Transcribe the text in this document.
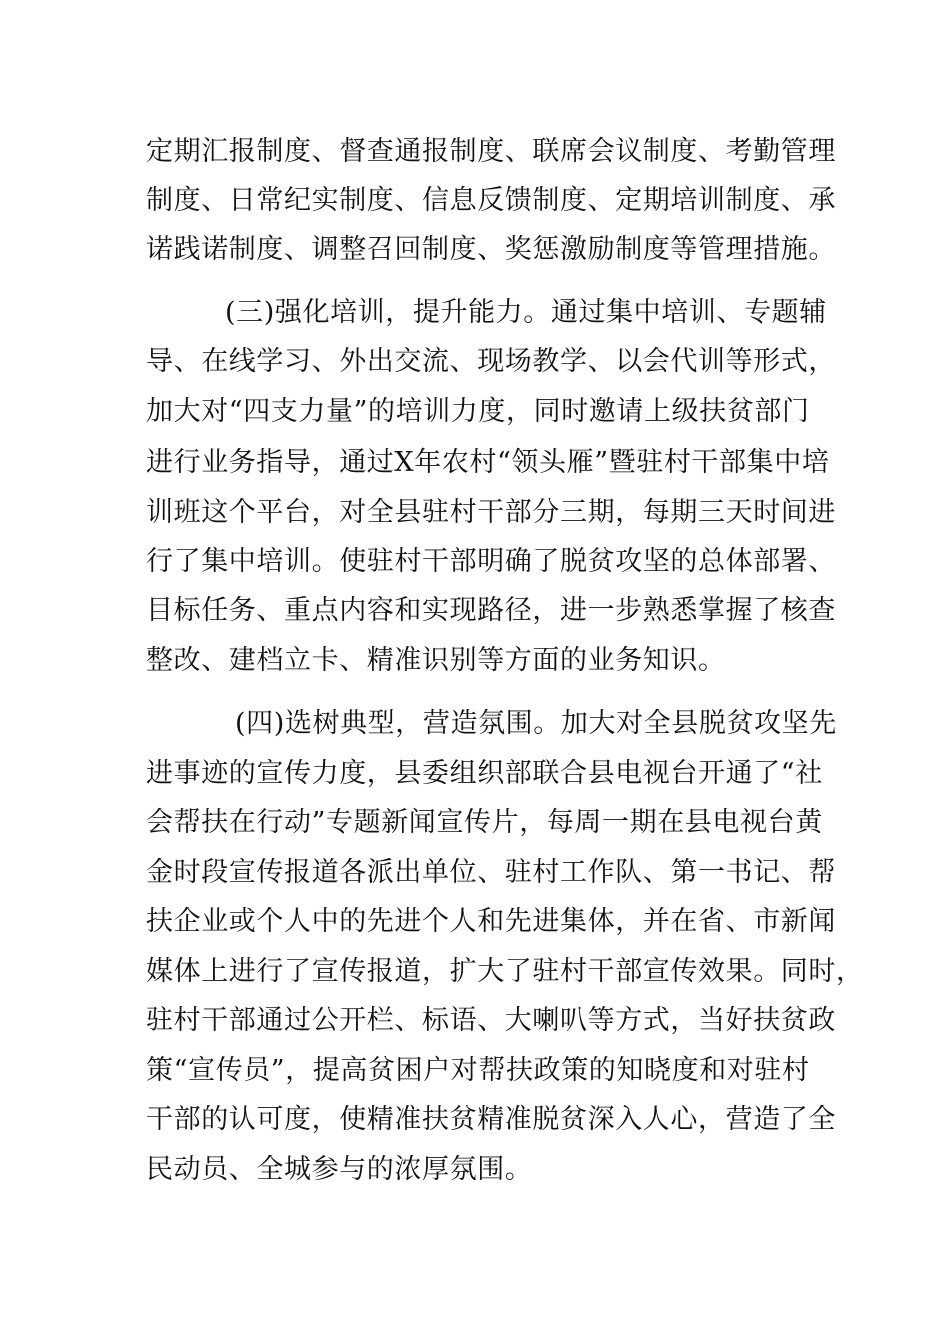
定期汇报制度、督查通报制度、联席会议制度、考勤管理
制度、日常纪实制度、信息反馈制度、定期培训制度、承
诺践诺制度、调整召回制度、奖惩激励制度等管理措施。
(三)强化培训，提升能力。通过集中培训、专题辅
导、在线学习、外出交流、现场教学、以会代训等形式，
加大对“四支力量”的培训力度，同时邀请上级扶贫部门
进行业务指导，通过X年农村“领头雁”暨驻村干部集中培
训班这个平台，对全县驻村干部分三期，每期三天时间进
行了集中培训。使驻村干部明确了脱贫攻坚的总体部署、
目标任务、重点内容和实现路径，进一步熟悉掌握了核查
整改、建档立卡、精准识别等方面的业务知识。
(四)选树典型，营造氛围。加大对全县脱贫攻坚先
进事迹的宣传力度，县委组织部联合县电视台开通了“社
会帮扶在行动”专题新闻宣传片，每周一期在县电视台黄
金时段宣传报道各派出单位、驻村工作队、第一书记、帮
扶企业或个人中的先进个人和先进集体，并在省、市新闻
媒体上进行了宣传报道，扩大了驻村干部宣传效果。同时，
驻村干部通过公开栏、标语、大喇叭等方式，当好扶贫政
策“宣传员”，提高贫困户对帮扶政策的知晓度和对驻村
干部的认可度，使精准扶贫精准脱贫深入人心，营造了全
民动员、全城参与的浓厚氛围。
